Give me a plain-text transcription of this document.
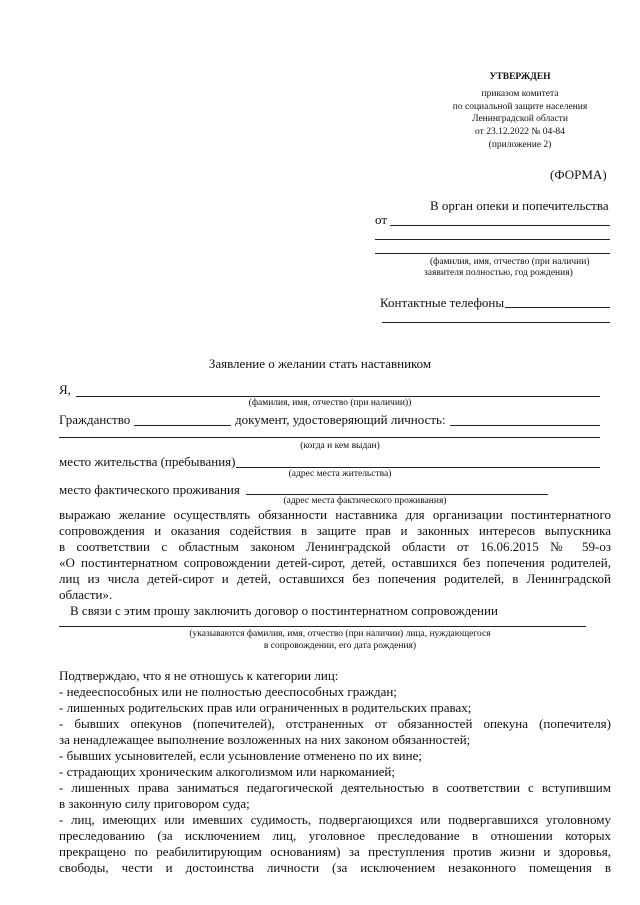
УТВЕРЖДЕН
приказом комитета
по социальной защите населения
Ленинградской области
от 23.12.2022 № 04-84
(приложение 2)
(ФОРМА)
В орган опеки и попечительства
от
(фамилия, имя, отчество (при наличии)
заявителя полностью, год рождения)
Контактные телефоны
Заявление о желании стать наставником
Я,
(фамилия, имя, отчество (при наличии))
Гражданство	документ, удостоверяющий личность:
(когда и кем выдан)
место жительства (пребывания)
(адрес места жительства)
место фактического проживания
(адрес места фактического проживания)
выражаю желание осуществлять обязанности наставника для организации постинтернатного
сопровождения и оказания содействия в защите прав и законных интересов выпускника
в соответствии с областным законом Ленинградской области от 16.06.2015 № 59-оз
«О постинтернатном сопровождении детей-сирот, детей, оставшихся без попечения родителей,
лиц из числа детей-сирот и детей, оставшихся без попечения родителей, в Ленинградской
области».
В связи с этим прошу заключить договор о постинтернатном сопровождении
(указываются фамилия, имя, отчество (при наличии) лица, нуждающегося
в сопровождении, его дата рождения)
Подтверждаю, что я не отношусь к категории лиц:
- недееспособных или не полностью дееспособных граждан;
- лишенных родительских прав или ограниченных в родительских правах;
- бывших опекунов (попечителей), отстраненных от обязанностей опекуна (попечителя)
за ненадлежащее выполнение возложенных на них законом обязанностей;
- бывших усыновителей, если усыновление отменено по их вине;
- страдающих хроническим алкоголизмом или наркоманией;
- лишенных права заниматься педагогической деятельностью в соответствии с вступившим
в законную силу приговором суда;
- лиц, имеющих или имевших судимость, подвергающихся или подвергавшихся уголовному
преследованию (за исключением лиц, уголовное преследование в отношении которых
прекращено по реабилитирующим основаниям) за преступления против жизни и здоровья,
свободы, чести и достоинства личности (за исключением незаконного помещения в
